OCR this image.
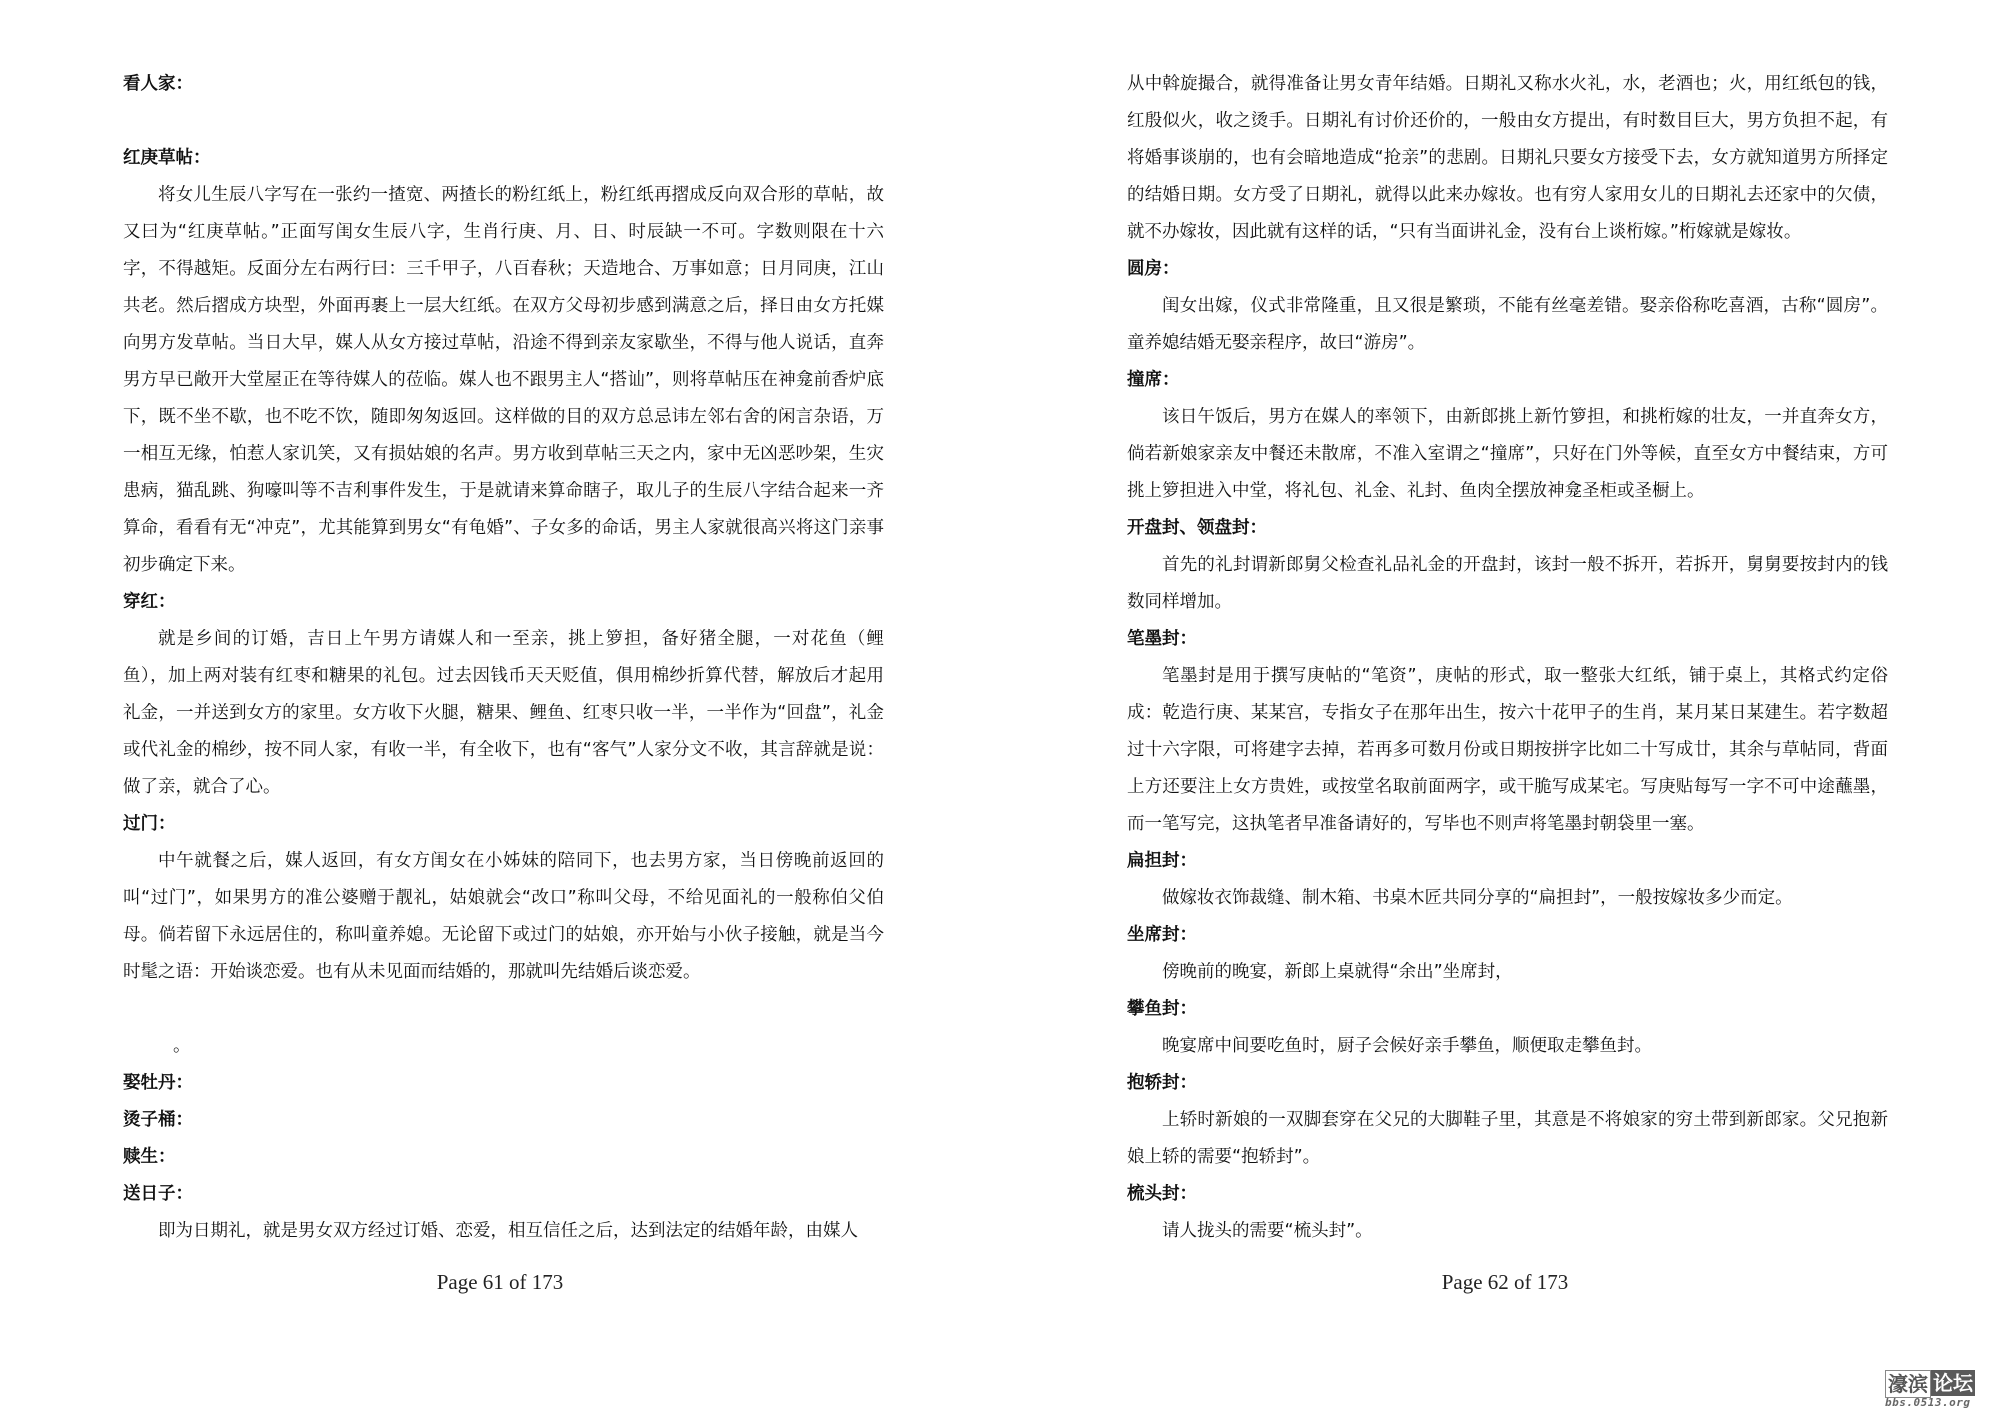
看人家：

红庚草帖：

将女儿生辰八字写在一张约一揸宽、两揸长的粉红纸上，粉红纸再摺成反向双合形的草帖，故又曰为“红庚草帖。”正面写闺女生辰八字，生肖行庚、月、日、时辰缺一不可。字数则限在十六字，不得越矩。反面分左右两行曰：三千甲子，八百春秋；天造地合、万事如意；日月同庚，江山共老。然后摺成方块型，外面再裹上一层大红纸。在双方父母初步感到满意之后，择日由女方托媒向男方发草帖。当日大早，媒人从女方接过草帖，沿途不得到亲友家歇坐，不得与他人说话，直奔男方早已敞开大堂屋正在等待媒人的莅临。媒人也不跟男主人“搭讪”，则将草帖压在神龛前香炉底下，既不坐不歇，也不吃不饮，随即匆匆返回。这样做的目的双方总忌讳左邻右舍的闲言杂语，万一相互无缘，怕惹人家讥笑，又有损姑娘的名声。男方收到草帖三天之内，家中无凶恶吵架，生灾患病，猫乱跳、狗嚎叫等不吉利事件发生，于是就请来算命瞎子，取儿子的生辰八字结合起来一齐算命，看看有无“冲克”，尤其能算到男女“有龟婚”、子女多的命话，男主人家就很高兴将这门亲事初步确定下来。

穿红：

就是乡间的订婚，吉日上午男方请媒人和一至亲，挑上箩担，备好猪全腿，一对花鱼（鲤鱼），加上两对装有红枣和糖果的礼包。过去因钱币天天贬值，俱用棉纱折算代替，解放后才起用礼金，一并送到女方的家里。女方收下火腿，糖果、鲤鱼、红枣只收一半，一半作为“回盘”，礼金或代礼金的棉纱，按不同人家，有收一半，有全收下，也有“客气”人家分文不收，其言辞就是说：做了亲，就合了心。

过门：

中午就餐之后，媒人返回，有女方闺女在小姊妹的陪同下，也去男方家，当日傍晚前返回的叫“过门”，如果男方的准公婆赠于靓礼，姑娘就会“改口”称叫父母，不给见面礼的一般称伯父伯母。倘若留下永远居住的，称叫童养媳。无论留下或过门的姑娘，亦开始与小伙子接触，就是当今时髦之语：开始谈恋爱。也有从未见面而结婚的，那就叫先结婚后谈恋爱。

。

娶牡丹：

烫子桶：

赎生：

送日子：

即为日期礼，就是男女双方经过订婚、恋爱，相互信任之后，达到法定的结婚年龄，由媒人

从中斡旋撮合，就得准备让男女青年结婚。日期礼又称水火礼，水，老酒也；火，用红纸包的钱，红殷似火，收之烫手。日期礼有讨价还价的，一般由女方提出，有时数目巨大，男方负担不起，有将婚事谈崩的，也有会暗地造成“抢亲”的悲剧。日期礼只要女方接受下去，女方就知道男方所择定的结婚日期。女方受了日期礼，就得以此来办嫁妆。也有穷人家用女儿的日期礼去还家中的欠债，就不办嫁妆，因此就有这样的话，“只有当面讲礼金，没有台上谈桁嫁。”桁嫁就是嫁妆。

圆房：

闺女出嫁，仪式非常隆重，且又很是繁琐，不能有丝毫差错。娶亲俗称吃喜酒，古称“圆房”。童养媳结婚无娶亲程序，故曰“游房”。

撞席：

该日午饭后，男方在媒人的率领下，由新郎挑上新竹箩担，和挑桁嫁的壮友，一并直奔女方，倘若新娘家亲友中餐还未散席，不准入室谓之“撞席”，只好在门外等候，直至女方中餐结束，方可挑上箩担进入中堂，将礼包、礼金、礼封、鱼肉全摆放神龛圣柜或圣橱上。

开盘封、领盘封：

首先的礼封谓新郎舅父检查礼品礼金的开盘封，该封一般不拆开，若拆开，舅舅要按封内的钱数同样增加。

笔墨封：

笔墨封是用于撰写庚帖的“笔资”，庚帖的形式，取一整张大红纸，铺于桌上，其格式约定俗成：乾造行庚、某某宫，专指女子在那年出生，按六十花甲子的生肖，某月某日某建生。若字数超过十六字限，可将建字去掉，若再多可数月份或日期按拼字比如二十写成廿，其余与草帖同，背面上方还要注上女方贵姓，或按堂名取前面两字，或干脆写成某宅。写庚贴每写一字不可中途蘸墨，而一笔写完，这执笔者早准备请好的，写毕也不则声将笔墨封朝袋里一塞。

扁担封：

做嫁妆衣饰裁缝、制木箱、书桌木匠共同分享的“扁担封”，一般按嫁妆多少而定。

坐席封：

傍晚前的晚宴，新郎上桌就得“余出”坐席封，

攀鱼封：

晚宴席中间要吃鱼时，厨子会候好亲手攀鱼，顺便取走攀鱼封。

抱轿封：

上轿时新娘的一双脚套穿在父兄的大脚鞋子里，其意是不将娘家的穷土带到新郎家。父兄抱新娘上轿的需要“抱轿封”。

梳头封：

请人拢头的需要“梳头封”。

Page 61 of 173	Page 62 of 173
濠滨 论坛
bbs.0513.org
